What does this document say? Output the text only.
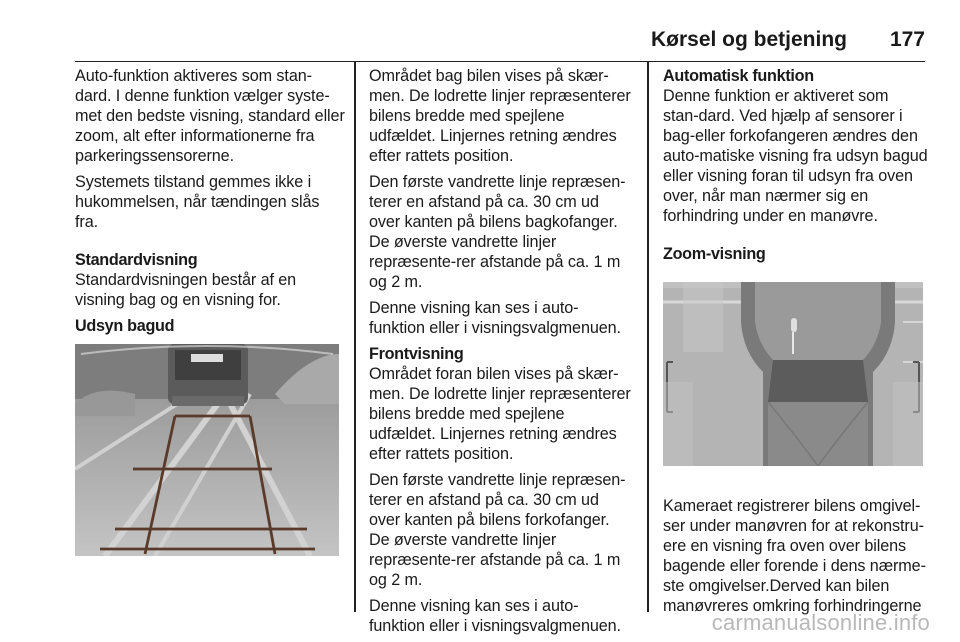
Kørsel og betjening 177

Auto-funktion aktiveres som stan-dard. I denne funktion vælger syste-met den bedste visning, standard eller zoom, alt efter informationerne fra parkeringssensorerne.

Systemets tilstand gemmes ikke i hukommelsen, når tændingen slås fra.

Standardvisning

Standardvisningen består af en visning bag og en visning for.

Udsyn bagud

Området bag bilen vises på skær-men. De lodrette linjer repræsenterer bilens bredde med spejlene udfældet. Linjernes retning ændres efter rattets position.

Den første vandrette linje repræsen-terer en afstand på ca. 30 cm ud over kanten på bilens bagkofanger. De øverste vandrette linjer repræsente-rer afstande på ca. 1 m og 2 m.

Denne visning kan ses i auto-funktion eller i visningsvalgmenuen.

Frontvisning

Området foran bilen vises på skær-men. De lodrette linjer repræsenterer bilens bredde med spejlene udfældet. Linjernes retning ændres efter rattets position.

Den første vandrette linje repræsen-terer en afstand på ca. 30 cm ud over kanten på bilens forkofanger. De øverste vandrette linjer repræsente-rer afstande på ca. 1 m og 2 m.

Denne visning kan ses i auto-funktion eller i visningsvalgmenuen.

Automatisk funktion

Denne funktion er aktiveret som stan-dard. Ved hjælp af sensorer i bag-eller forkofangeren ændres den auto-matiske visning fra udsyn bagud eller visning foran til udsyn fra oven over, når man nærmer sig en forhindring under en manøvre.

Zoom-visning

Kameraet registrerer bilens omgivel-ser under manøvren for at rekonstru-ere en visning fra oven over bilens bagende eller forende i dens nærme-ste omgivelser.Derved kan bilen manøvreres omkring forhindringerne

carmanualsonline.info
